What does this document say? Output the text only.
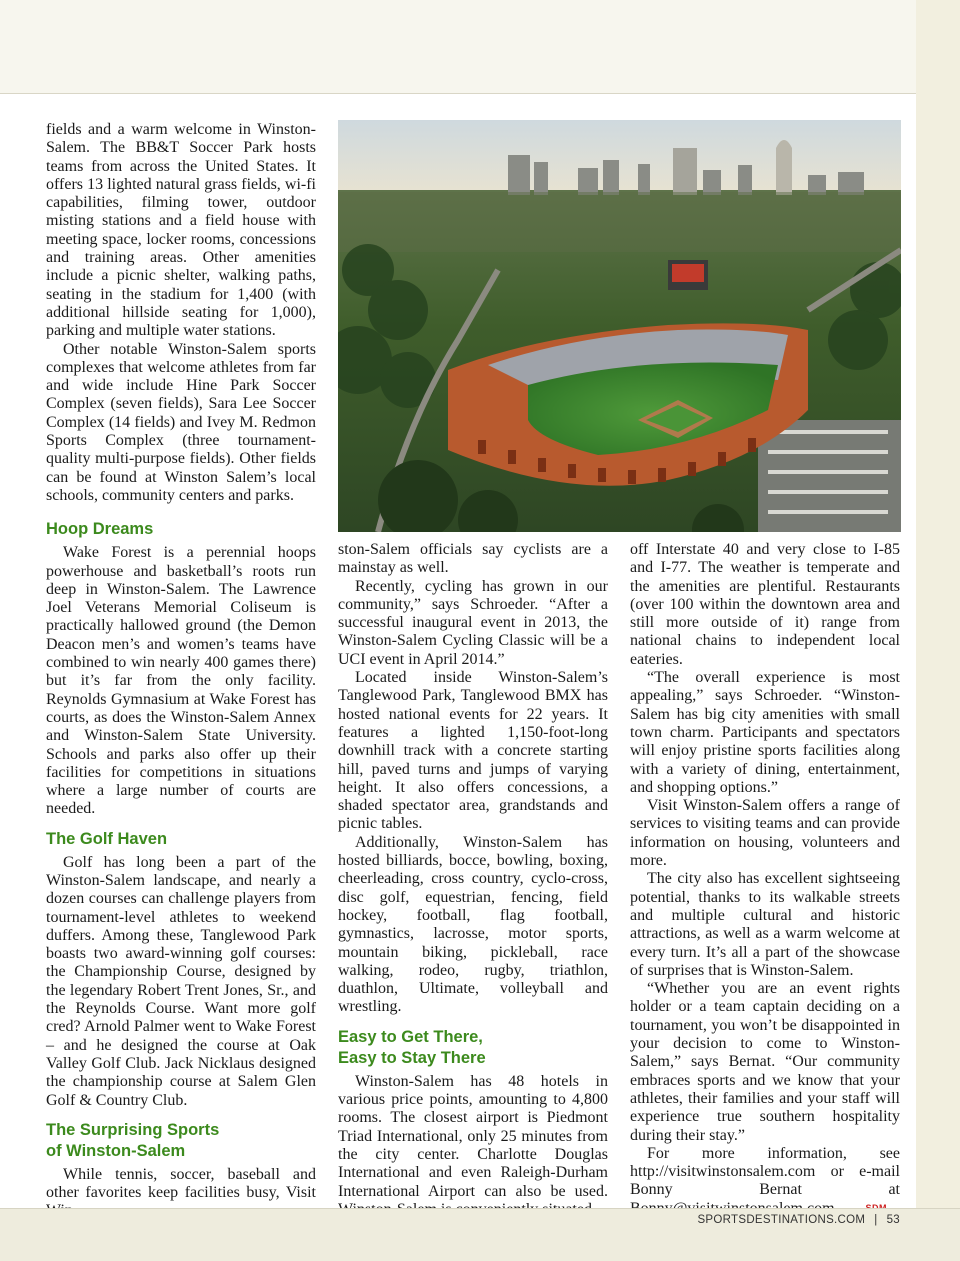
fields and a warm welcome in Winston-Salem. The BB&T Soccer Park hosts teams from across the United States. It offers 13 lighted natural grass fields, wi-fi capabilities, filming tower, outdoor misting stations and a field house with meeting space, locker rooms, concessions and training areas. Other amenities include a picnic shelter, walking paths, seating in the stadium for 1,400 (with additional hillside seating for 1,000), parking and multiple water stations.

Other notable Winston-Salem sports complexes that welcome athletes from far and wide include Hine Park Soccer Complex (seven fields), Sara Lee Soccer Complex (14 fields) and Ivey M. Redmon Sports Complex (three tournament-quality multi-purpose fields). Other fields can be found at Winston Salem’s local schools, community centers and parks.

Hoop Dreams

Wake Forest is a perennial hoops powerhouse and basketball’s roots run deep in Winston-Salem. The Lawrence Joel Veterans Memorial Coliseum is practically hallowed ground (the Demon Deacon men’s and women’s teams have combined to win nearly 400 games there) but it’s far from the only facility. Reynolds Gymnasium at Wake Forest has courts, as does the Winston-Salem Annex and Winston-Salem State University. Schools and parks also offer up their facilities for competitions in situations where a large number of courts are needed.

The Golf Haven

Golf has long been a part of the Winston-Salem landscape, and nearly a dozen courses can challenge players from tournament-level athletes to weekend duffers. Among these, Tanglewood Park boasts two award-winning golf courses: the Championship Course, designed by the legendary Robert Trent Jones, Sr., and the Reynolds Course. Want more golf cred? Arnold Palmer went to Wake Forest – and he designed the course at Oak Valley Golf Club. Jack Nicklaus designed the championship course at Salem Glen Golf & Country Club.

The Surprising Sports
of Winston-Salem

While tennis, soccer, baseball and other favorites keep facilities busy, Visit

ston-Salem officials say cyclists are a mainstay as well.

Recently, cycling has grown in our community,” says Schroeder. “After a successful inaugural event in 2013, the Winston-Salem Cycling Classic will be a UCI event in April 2014.”

Located inside Winston-Salem’s Tanglewood Park, Tanglewood BMX has hosted national events for 22 years. It features a lighted 1,150-foot-long downhill track with a concrete starting hill, paved turns and jumps of varying height. It also offers concessions, a shaded spectator area, grandstands and picnic tables.

Additionally, Winston-Salem has hosted billiards, bocce, bowling, boxing, cheerleading, cross country, cyclo-cross, disc golf, equestrian, fencing, field hockey, football, flag football, gymnastics, lacrosse, motor sports, mountain biking, pickleball, race walking, rodeo, rugby, triathlon, duathlon, Ultimate, volleyball and wrestling.

Easy to Get There,
Easy to Stay There

Winston-Salem has 48 hotels in various price points, amounting to 4,800 rooms. The closest airport is Piedmont Triad International, only 25 minutes from the city center. Charlotte Douglas International and even Raleigh-Durham International Airport can also be used.

off Interstate 40 and very close to I-85 and I-77. The weather is temperate and the amenities are plentiful. Restaurants (over 100 within the downtown area and still more outside of it) range from national chains to independent local eateries.

“The overall experience is most appealing,” says Schroeder. “Winston-Salem has big city amenities with small town charm. Participants and spectators will enjoy pristine sports facilities along with a variety of dining, entertainment, and shopping options.”

Visit Winston-Salem offers a range of services to visiting teams and can provide information on housing, volunteers and more.

The city also has excellent sightseeing potential, thanks to its walkable streets and multiple cultural and historic attractions, as well as a warm welcome at every turn. It’s all a part of the showcase of surprises that is Winston-Salem.

“Whether you are an event rights holder or a team captain deciding on a tournament, you won’t be disappointed in your decision to come to Winston-Salem,” says Bernat. “Our community embraces sports and we know that your athletes, their families and your staff will experience true southern hospitality during their stay.”

For more information, see http://visitwinstonsalem.com or e-mail Bonny Bernat at

SPORTSDESTINATIONS.COM | 53
